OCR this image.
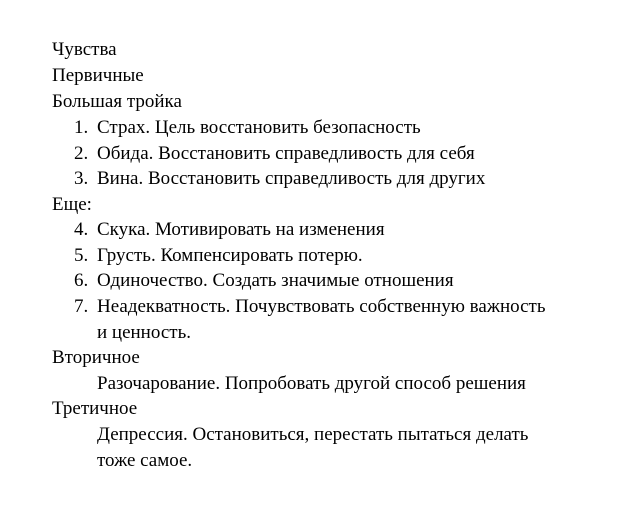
Чувства
Первичные
Большая тройка
1. Страх. Цель восстановить безопасность
2. Обида. Восстановить справедливость для себя
3. Вина. Восстановить справедливость для других
Еще:
4. Скука. Мотивировать на изменения
5. Грусть. Компенсировать потерю.
6. Одиночество. Создать значимые отношения
7. Неадекватность. Почувствовать собственную важность
и ценность.
Вторичное
Разочарование. Попробовать другой способ решения
Третичное
Депрессия. Остановиться, перестать пытаться делать
тоже самое.
